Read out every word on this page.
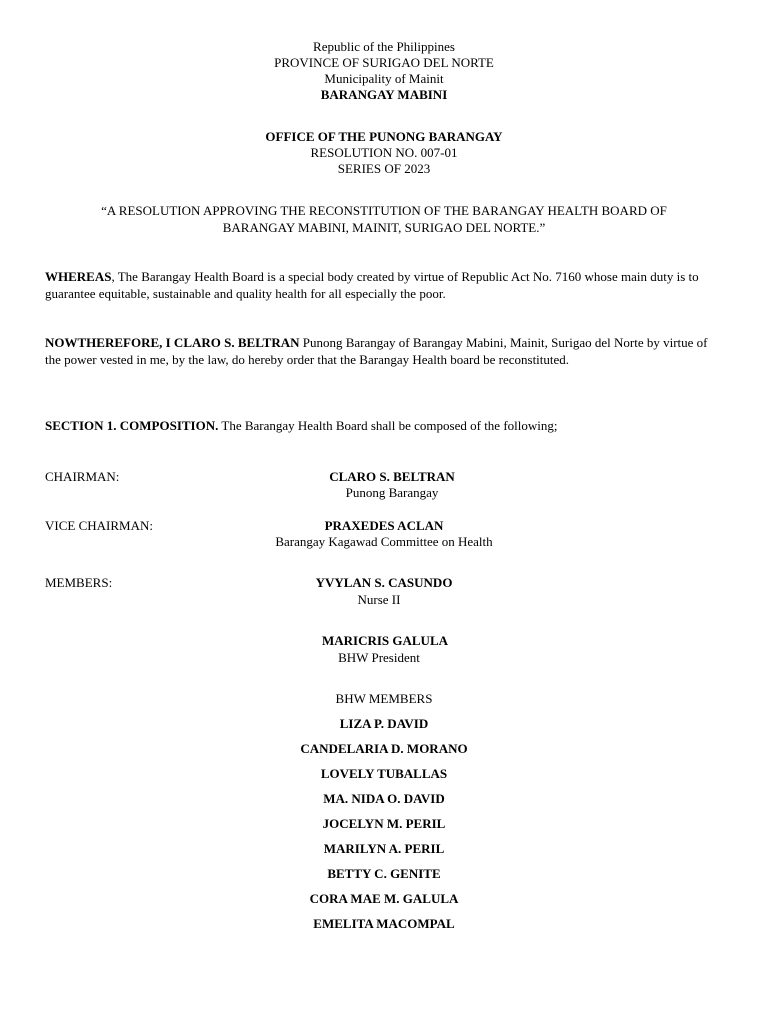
Republic of the Philippines
PROVINCE OF SURIGAO DEL NORTE
Municipality of Mainit
BARANGAY MABINI
OFFICE OF THE PUNONG BARANGAY
RESOLUTION NO. 007-01
SERIES OF 2023
“A RESOLUTION APPROVING THE RECONSTITUTION OF THE BARANGAY HEALTH BOARD OF
BARANGAY MABINI, MAINIT, SURIGAO DEL NORTE.”
WHEREAS, The Barangay Health Board is a special body created by virtue of Republic Act No. 7160 whose main duty is to guarantee equitable, sustainable and quality health for all especially the poor.
NOWTHEREFORE, I CLARO S. BELTRAN Punong Barangay of Barangay Mabini, Mainit, Surigao del Norte by virtue of the power vested in me, by the law, do hereby order that the Barangay Health board be reconstituted.
SECTION 1. COMPOSITION. The Barangay Health Board shall be composed of the following;
CHAIRMAN:	CLARO S. BELTRAN
Punong Barangay
VICE CHAIRMAN:	PRAXEDES ACLAN
Barangay Kagawad Committee on Health
MEMBERS:	YVYLAN S. CASUNDO
Nurse II
MARICRIS GALULA
BHW President
BHW MEMBERS
LIZA P. DAVID
CANDELARIA D. MORANO
LOVELY TUBALLAS
MA. NIDA O. DAVID
JOCELYN M. PERIL
MARILYN A. PERIL
BETTY C. GENITE
CORA MAE M. GALULA
EMELITA MACOMPAL
